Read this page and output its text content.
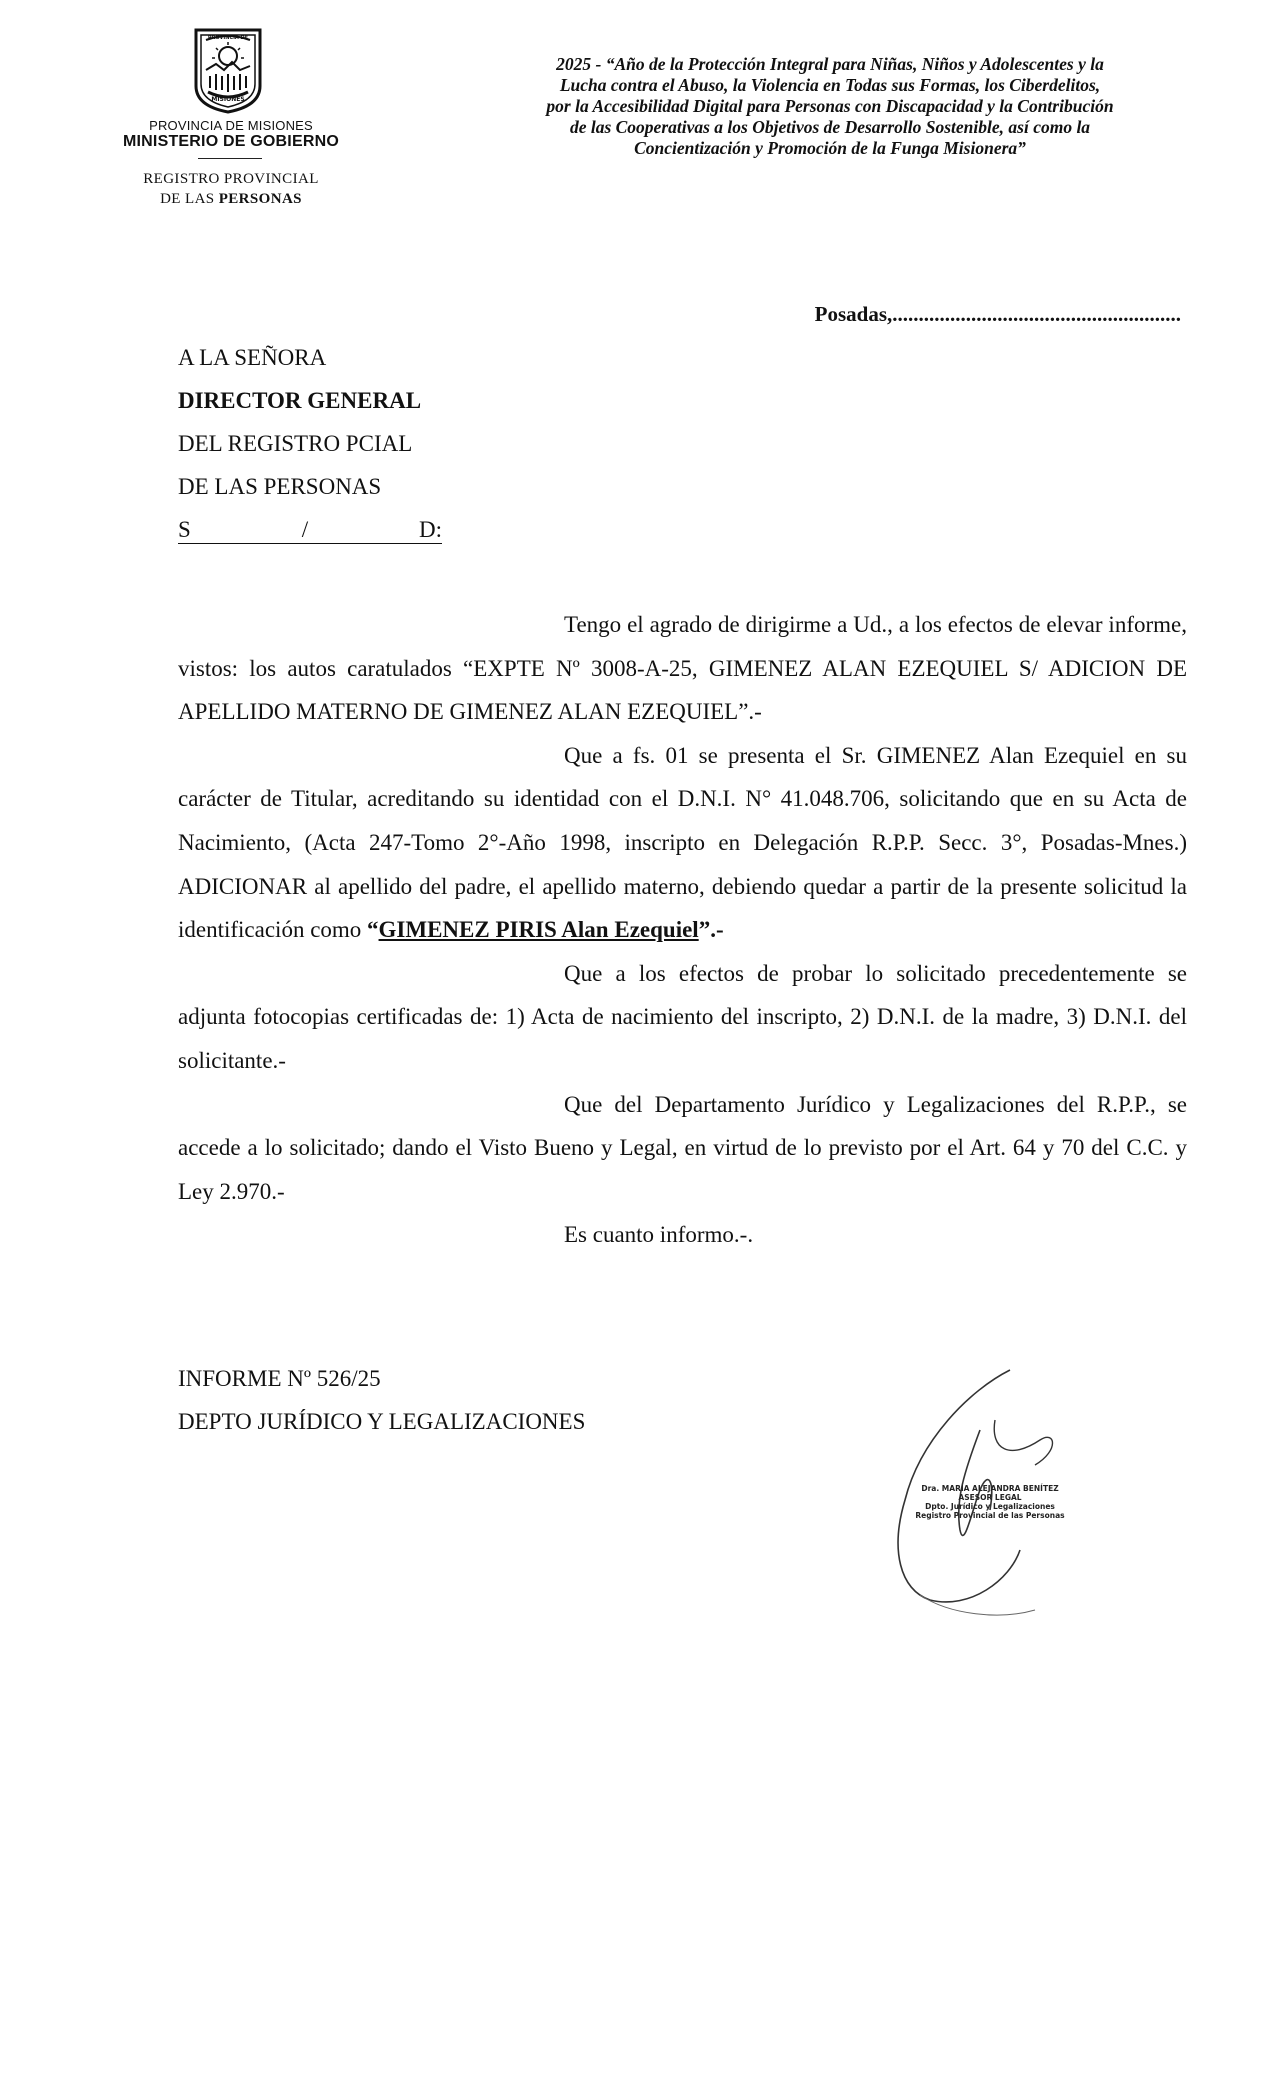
PROVINCIA DE
MISIONES
PROVINCIA DE MISIONES
MINISTERIO DE GOBIERNO
REGISTRO PROVINCIAL
DE LAS PERSONAS
2025 - “Año de la Protección Integral para Niñas, Niños y Adolescentes y la
Lucha contra el Abuso, la Violencia en Todas sus Formas, los Ciberdelitos,
por la Accesibilidad Digital para Personas con Discapacidad y la Contribución
de las Cooperativas a los Objetivos de Desarrollo Sostenible, así como la
Concientización y Promoción de la Funga Misionera”
Posadas,.......................................................
A LA SEÑORA
DIRECTOR GENERAL
DEL REGISTRO PCIAL
DE LAS PERSONAS
S	/	D:

Tengo el agrado de dirigirme a Ud., a los efectos de elevar informe, vistos: los autos caratulados “EXPTE Nº 3008-A-25, GIMENEZ ALAN EZEQUIEL S/ ADICION DE APELLIDO MATERNO DE GIMENEZ ALAN EZEQUIEL”.-

Que a fs. 01 se presenta el Sr. GIMENEZ Alan Ezequiel en su carácter de Titular, acreditando su identidad con el D.N.I. N° 41.048.706, solicitando que en su Acta de Nacimiento, (Acta 247-Tomo 2°-Año 1998, inscripto en Delegación R.P.P. Secc. 3°, Posadas-Mnes.) ADICIONAR al apellido del padre, el apellido materno, debiendo quedar a partir de la presente solicitud la identificación como “GIMENEZ PIRIS Alan Ezequiel”.-

Que a los efectos de probar lo solicitado precedentemente se adjunta fotocopias certificadas de: 1) Acta de nacimiento del inscripto, 2) D.N.I. de la madre, 3) D.N.I. del solicitante.-

Que del Departamento Jurídico y Legalizaciones del R.P.P., se accede a lo solicitado; dando el Visto Bueno y Legal, en virtud de lo previsto por el Art. 64 y 70 del C.C. y Ley 2.970.-

Es cuanto informo.-.

INFORME Nº 526/25
DEPTO JURÍDICO Y LEGALIZACIONES
Dra. MARÍA ALEJANDRA BENÍTEZ
ASESOR LEGAL
Dpto. Jurídico y Legalizaciones
Registro Provincial de las Personas
